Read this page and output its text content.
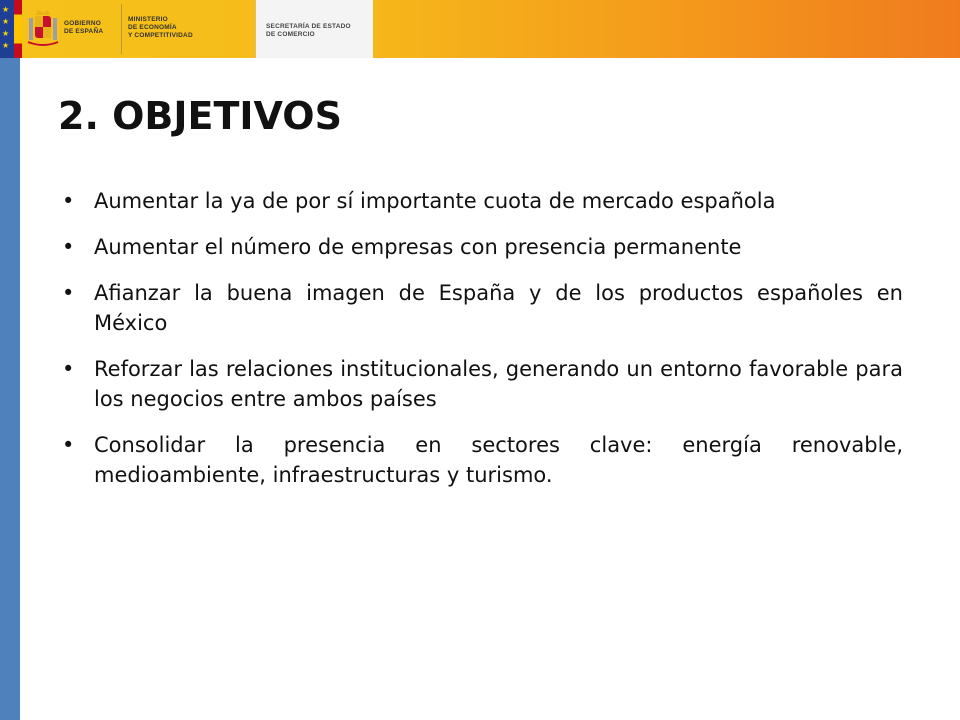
★
★
★
★
GOBIERNO
DE ESPAÑA
MINISTERIO
DE ECONOMÍA
Y COMPETITIVIDAD
SECRETARÍA DE ESTADO
DE COMERCIO
2. OBJETIVOS
• Aumentar la ya de por sí importante cuota de mercado española
• Aumentar el número de empresas con presencia permanente
• Afianzar la buena imagen de España y de los productos españoles en México
• Reforzar las relaciones institucionales, generando un entorno favorable para los negocios entre ambos países
• Consolidar la presencia en sectores clave: energía renovable, medioambiente, infraestructuras y turismo.
